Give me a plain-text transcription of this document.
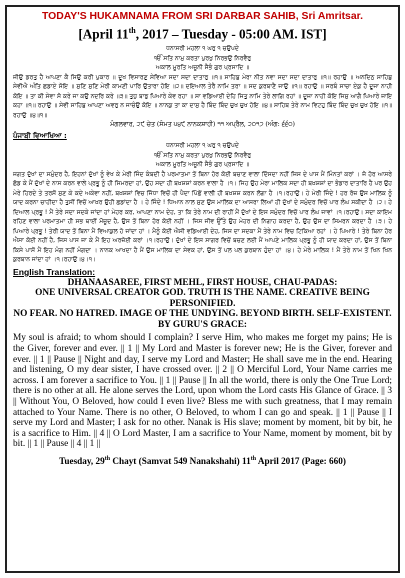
TODAY'S HUKAMNAMA FROM SRI DARBAR SAHIB, Sri Amritsar.
[April 11th, 2017 – Tuesday - 05:00 AM. IST]

ਧਨਾਸਰੀ ਮਹਲਾ ੧ ਘਰੁ ੧ ਚਉਪਦੇ

ੴ ਸਤਿ ਨਾਮੁ ਕਰਤਾ ਪੁਰਖੁ ਨਿਰਭਉ ਨਿਰਵੈਰੁ

ਅਕਾਲ ਮੂਰਤਿ ਅਜੂਨੀ ਸੈਭੰ ਗੁਰ ਪ੍ਰਸਾਦਿ ॥

ਜੀਉ ਡਰਤੁ ਹੈ ਆਪਣਾ ਕੈ ਸਿਉ ਕਰੀ ਪੁਕਾਰ ॥ ਦੂਖ ਵਿਸਾਰਣੁ ਸੇਵਿਆ ਸਦਾ ਸਦਾ ਦਾਤਾਰੁ ॥੧॥ ਸਾਹਿਬੁ ਮੇਰਾ ਨੀਤ ਨਵਾ ਸਦਾ ਸਦਾ ਦਾਤਾਰੁ ॥੧॥ ਰਹਾਉ ॥ ਅਨਦਿਨੁ ਸਾਹਿਬੁ ਸੇਵੀਐ ਅੰਤਿ ਛਡਾਏ ਸੋਇ ॥ ਸੁਣਿ ਸੁਣਿ ਮੇਰੀ ਕਾਮਣੀ ਪਾਰਿ ਉਤਾਰਾ ਹੋਇ ॥੨॥ ਦਇਆਲ ਤੇਰੈ ਨਾਮਿ ਤਰਾ ॥ ਸਦ ਕੁਰਬਾਣੈ ਜਾਉ ॥੧॥ ਰਹਾਉ ॥ ਸਰਬੰ ਸਾਚਾ ਏਕੁ ਹੈ ਦੂਜਾ ਨਾਹੀ ਕੋਇ ॥ ਤਾ ਕੀ ਸੇਵਾ ਸੋ ਕਰੇ ਜਾ ਕਉ ਨਦਰਿ ਕਰੇ ॥੩॥ ਤੁਧੁ ਬਾਝੁ ਪਿਆਰੇ ਕੇਵ ਰਹਾ ॥ ਸਾ ਵਡਿਆਈ ਦੇਹਿ ਜਿਤੁ ਨਾਮਿ ਤੇਰੇ ਲਾਗਿ ਰਹਾਂ ॥ ਦੂਜਾ ਨਾਹੀ ਕੋਇ ਜਿਸੁ ਆਗੈ ਪਿਆਰੇ ਜਾਇ ਕਹਾ ॥੧॥ ਰਹਾਉ ॥ ਸੇਵੀ ਸਾਹਿਬੁ ਆਪਣਾ ਅਵਰੁ ਨ ਜਾਚੰਉ ਕੋਇ ॥ ਨਾਨਕੁ ਤਾ ਕਾ ਦਾਸੁ ਹੈ ਬਿੰਦ ਬਿੰਦ ਚੁਖ ਚੁਖ ਹੋਇ ॥੪॥ ਸਾਹਿਬ ਤੇਰੇ ਨਾਮ ਵਿਟਹੁ ਬਿੰਦ ਬਿੰਦ ਚੁਖ ਚੁਖ ਹੋਇ ॥੧॥ ਰਹਾਉ ॥੪॥੧॥

ਮੰਗਲਵਾਰ, ੨੯ ਚੇਤ (ਸੰਮਤ ੫੪੯ ਨਾਨਕਸ਼ਾਹੀ) ੧੧ ਅਪ੍ਰੈਲ, ੨੦੧੭ (ਅੰਗ: ੬੬੦)
ਪੰਜਾਬੀ ਵਿਆਖਿਆ :

ਧਨਾਸਰੀ ਮਹਲਾ ੧ ਘਰੁ ੧ ਚਉਪਦੇ

ੴ ਸਤਿ ਨਾਮੁ ਕਰਤਾ ਪੁਰਖੁ ਨਿਰਭਉ ਨਿਰਵੈਰੁ

ਅਕਾਲ ਮੂਰਤਿ ਅਜੂਨੀ ਸੈਭੰ ਗੁਰ ਪ੍ਰਸਾਦਿ ॥

ਜਗਤ ਦੁੱਖਾਂ ਦਾ ਸਮੁੰਦਰ ਹੈ, ਇਹਨਾਂ ਦੁੱਖਾਂ ਨੂੰ ਵੇਖ ਕੇ ਮੇਰੀ ਜਿੰਦ ਕੰਬਦੀ ਹੈ ਪਰਮਾਤਮਾ ਤੋਂ ਬਿਨਾ ਹੋਰ ਕੋਈ ਬਚਾਣ ਵਾਲਾ ਦਿੱਸਦਾ ਨਹੀਂ ਜਿਸ ਦੇ ਪਾਸ ਮੈਂ ਮਿੰਨਤਾਂ ਕਰਾਂ । ਜੋ ਹੋਰ ਆਸਰੇ ਛੱਡ ਕੇ ਮੈਂ ਦੁੱਖਾਂ ਦੇ ਨਾਸ ਕਰਨ ਵਾਲੇ ਪ੍ਰਭੂ ਨੂੰ ਹੀ ਸਿਮਰਦਾ ਹਾਂ, ਉਹ ਸਦਾ ਹੀ ਬਖ਼ਸ਼ਸ਼ਾਂ ਕਰਨ ਵਾਲਾ ਹੈ ।੧। ਜਿਹ ਉਹ ਮੇਰਾ ਮਾਲਿਕ ਸਦਾ ਹੀ ਬਖ਼ਸ਼ਸ਼ਾਂ ਦਾ ਭੰਡਾਰ ਦਾਤਾਰਿ ਹੈ ਪਰ ਉਹ ਮੇਰੇ ਹਿਰਦੇ ਤੇ ਤਰਸੋਂ ਸੁਣ ਕੇ ਕਦੇ ਅਕੇਵਾ ਨਹੀਂ, ਬਖ਼ਸ਼ਸ਼ਾਂ ਵਿਚ ਜਿੱਧਾ ਵਿਚੋਂ ਹੀ ਪੈਦਾ ਪਿੱਛੋਂ ਵਾਲੀ ਹੀ ਬਖ਼ਸ਼ਸ਼ ਕਰਨ ਲੱਗਾ ਹੈ ।੧।ਰਹਾਉ। ਹੇ ਮੇਰੀ ਜਿੰਦੇ ! ਹਰ ਰੋਜ਼ ਉਸ ਮਾਲਿਕ ਨੂੰ ਯਾਦ ਕਰਨਾ ਚਾਹੀਦਾ ਹੈ ਤੁਸੀਂ ਵਿਚੋਂ ਆਖ਼ਰ ਉਹੀ ਛਡਾਂਦਾ ਹੈ । ਹੇ ਜਿੰਦੇ ! ਧਿਆਨ ਨਾਲ ਸੁਣ ਉਸ ਮਾਲਿਕ ਦਾ ਆਸਰਾ ਲਿਆਂ ਹੀ ਦੁੱਖਾਂ ਦੇ ਸਮੁੰਦਰ ਵਿਚੋਂ ਪਾਰ ਲੰਘ ਸਕੀਦਾ ਹੈ ।੨। ਹੇ ਦਿਆਲ ਪ੍ਰਭੂ ! ਮੈਂ ਤੇਰੇ ਸਦਾ ਸਦਕੇ ਜਾਂਦਾ ਹਾਂ ਮੇਹਰ ਕਰ, ਆਪਣਾ ਨਾਮ ਦੇਹ, ਤਾ ਕਿ ਤੇਰੇ ਨਾਮ ਦੀ ਰਾਹੀਂ ਮੈਂ ਦੁੱਖਾਂ ਦੇ ਇਸ ਸਮੁੰਦਰ ਵਿਚੋਂ ਪਾਰ ਲੰਘ ਜਾਵਾਂ ।੧।ਰਹਾਉ। ਸਦਾ ਕਾਇਮ ਰਹਿਣ ਵਾਲਾ ਪਰਮਾਤਮਾ ਹੀ ਸਭ ਥਾਈਂ ਮੌਜੂਦ ਹੈ, ਉਸ ਤੋਂ ਬਿਨਾ ਹੋਰ ਕੋਈ ਨਹੀਂ । ਜਿਸ ਜੀਵ ਉੱਤੇ ਉਹ ਮੇਹਰ ਦੀ ਨਿਗਾਹ ਕਰਦਾ ਹੈ, ਉਹ ਉਸ ਦਾ ਸਿਮਰਨ ਕਰਦਾ ਹੈ ।੩। ਹੇ ਪਿਆਰੇ ਪ੍ਰਭੂ ! ਤੇਰੀ ਯਾਦ ਤੋਂ ਬਿਨਾ ਮੈਂ ਵਿਆਕੁਲ ਹੋ ਜਾਂਦਾ ਹਾਂ । ਮੈਨੂੰ ਕੋਈ ਐਸੀ ਵਡਿਆਈ ਦੇਹ, ਜਿਸ ਦਾ ਸਦਕਾ ਮੈਂ ਤੇਰੇ ਨਾਮ ਵਿਚ ਟਿਕਿਆ ਰਹਾਂ । ਹੇ ਪਿਆਰੇ ! ਤੇਰੇ ਬਿਨਾ ਹੋਰ ਐਸਾ ਕੋਈ ਨਹੀਂ ਹੈ, ਜਿਸ ਪਾਸ ਜਾ ਕੇ ਮੈਂ ਇਹ ਅਰਜ਼ੋਈ ਕਰਾਂ ।੧।ਰਹਾਉ। ਦੁੱਖਾਂ ਦੇ ਇਸ ਸਾਗਰ ਵਿਚੋਂ ਬਚਣ ਲਈ ਮੈਂ ਆਪਣੇ ਮਾਲਿਕ ਪ੍ਰਭੂ ਨੂੰ ਹੀ ਯਾਦ ਕਰਦਾ ਹਾਂ, ਉਸ ਤੋਂ ਬਿਨਾ ਕਿਸੇ ਪਾਸੋਂ ਮੈਂ ਇਹ ਮੰਗ ਨਹੀਂ ਮੰਗਦਾ । ਨਾਨਕ ਆਖਦਾ ਹੈ ਮੈਂ ਉਸ ਮਾਲਿਕ ਦਾ ਸੇਵਕ ਹਾਂ, ਉਸ ਤੋਂ ਪਲ ਪਲ ਕੁਰਬਾਨ ਹੁੰਦਾ ਹਾਂ ।੪। ਹੇ ਮੇਰੇ ਮਾਲਿਕ ! ਮੈਂ ਤੇਰੇ ਨਾਮ ਤੋਂ ਖਿਨ ਖਿਨ ਕੁਰਬਾਨ ਜਾਂਦਾ ਹਾਂ ।੧।ਰਹਾਉ।੪।੧।

English Translation:
DHANAASAREE, FIRST MEHL, FIRST HOUSE, CHAU-PADAS:
ONE UNIVERSAL CREATOR GOD. TRUTH IS THE NAME. CREATIVE BEING PERSONIFIED.
NO FEAR. NO HATRED. IMAGE OF THE UNDYING. BEYOND BIRTH. SELF-EXISTENT.
BY GURU'S GRACE:

My soul is afraid; to whom should I complain? I serve Him, who makes me forget my pains; He is the Giver, forever and ever. || 1 || My Lord and Master is forever new; He is the Giver, forever and ever. || 1 || Pause || Night and day, I serve my Lord and Master; He shall save me in the end. Hearing and listening, O my dear sister, I have crossed over. || 2 || O Merciful Lord, Your Name carries me across. I am forever a sacrifice to You. || 1 || Pause || In all the world, there is only the One True Lord; there is no other at all. He alone serves the Lord, upon whom the Lord casts His Glance of Grace. || 3 || Without You, O Beloved, how could I even live? Bless me with such greatness, that I may remain attached to Your Name. There is no other, O Beloved, to whom I can go and speak. || 1 || Pause || I serve my Lord and Master; I ask for no other. Nanak is His slave; moment by moment, bit by bit, he is a sacrifice to Him. || 4 || O Lord Master, I am a sacrifice to Your Name, moment by moment, bit by bit. || 1 || Pause || 4 || 1 ||

Tuesday, 29th Chayt (Samvat 549 Nanakshahi) 11th April 2017 (Page: 660)
